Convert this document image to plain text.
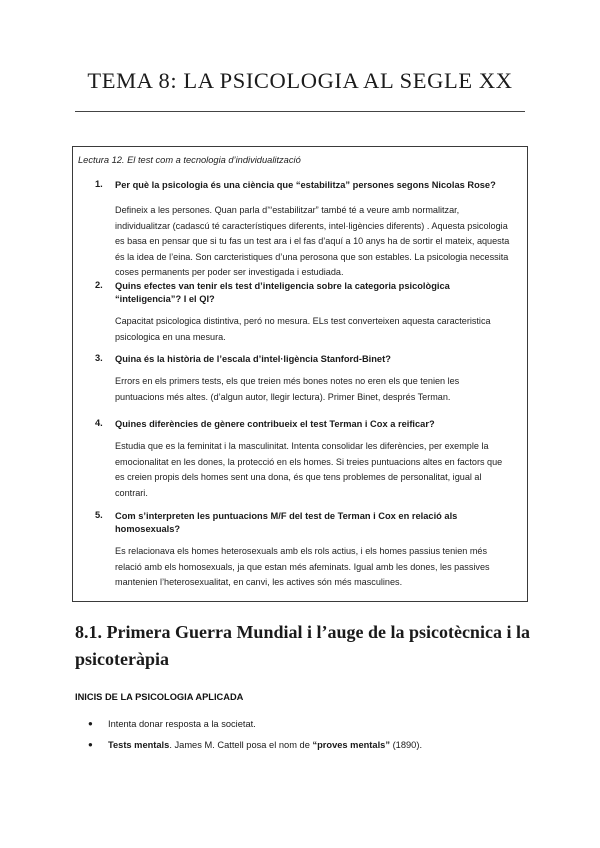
TEMA 8: LA PSICOLOGIA AL SEGLE XX
Lectura 12. El test com a tecnologia d’individualització
1. Per què la psicologia és una ciència que “estabilitza” persones segons Nicolas Rose?
Defineix a les persones. Quan parla d’“estabilitzar” també té a veure amb normalitzar, individualitzar (cadascú té característiques diferents, intel·ligències diferents) . Aquesta psicologia es basa en pensar que si tu fas un test ara i el fas d’aquí a 10 anys ha de sortir el mateix, aquesta és la idea de l’eina. Son carcteristiques d’una perosona que son estables. La psicologia necessita coses permanents per poder ser investigada i estudiada.
2. Quins efectes van tenir els test d’inteligencia sobre la categoria psicològica “inteligencia”? I el QI?
Capacitat psicologica distintiva, peró no mesura. ELs test converteixen aquesta caracteristica psicologica en una mesura.
3. Quina és la història de l’escala d’intel·ligència Stanford-Binet?
Errors en els primers tests, els que treien més bones notes no eren els que tenien les puntuacions més altes. (d’algun autor, llegir lectura). Primer Binet, després Terman.
4. Quines diferències de gènere contribueix el test Terman i Cox a reificar?
Estudia que es la feminitat i la masculinitat. Intenta consolidar les diferències, per exemple la emocionalitat en les dones, la protecció en els homes. Si treies puntuacions altes en factors que es creien propis dels homes sent una dona, és que tens problemes de personalitat, igual al contrari.
5. Com s’interpreten les puntuacions M/F del test de Terman i Cox en relació als homosexuals?
Es relacionava els homes heterosexuals amb els rols actius, i els homes passius tenien més relació amb els homosexuals, ja que estan més afeminats. Igual amb les dones, les passives mantenien l’heterosexualitat, en canvi, les actives són més masculines.
8.1. Primera Guerra Mundial i l’auge de la psicotècnica i la psicoteràpia
INICIS DE LA PSICOLOGIA APLICADA
● Intenta donar resposta a la societat.
● Tests mentals. James M. Cattell posa el nom de “proves mentals” (1890).
